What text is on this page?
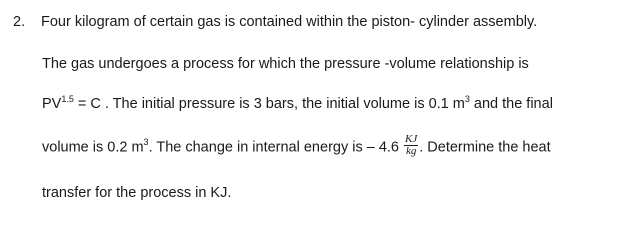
2. Four kilogram of certain gas is contained within the piston- cylinder assembly.
The gas undergoes a process for which the pressure -volume relationship is
$PV^{1.5} = C$ . The initial pressure is 3 bars, the initial volume is 0.1 $m^3$ and the final
volume is 0.2 $m^3$. The change in internal energy is – $4.6 \frac{KJ}{kg}$ . Determine the heat
transfer for the process in KJ.
